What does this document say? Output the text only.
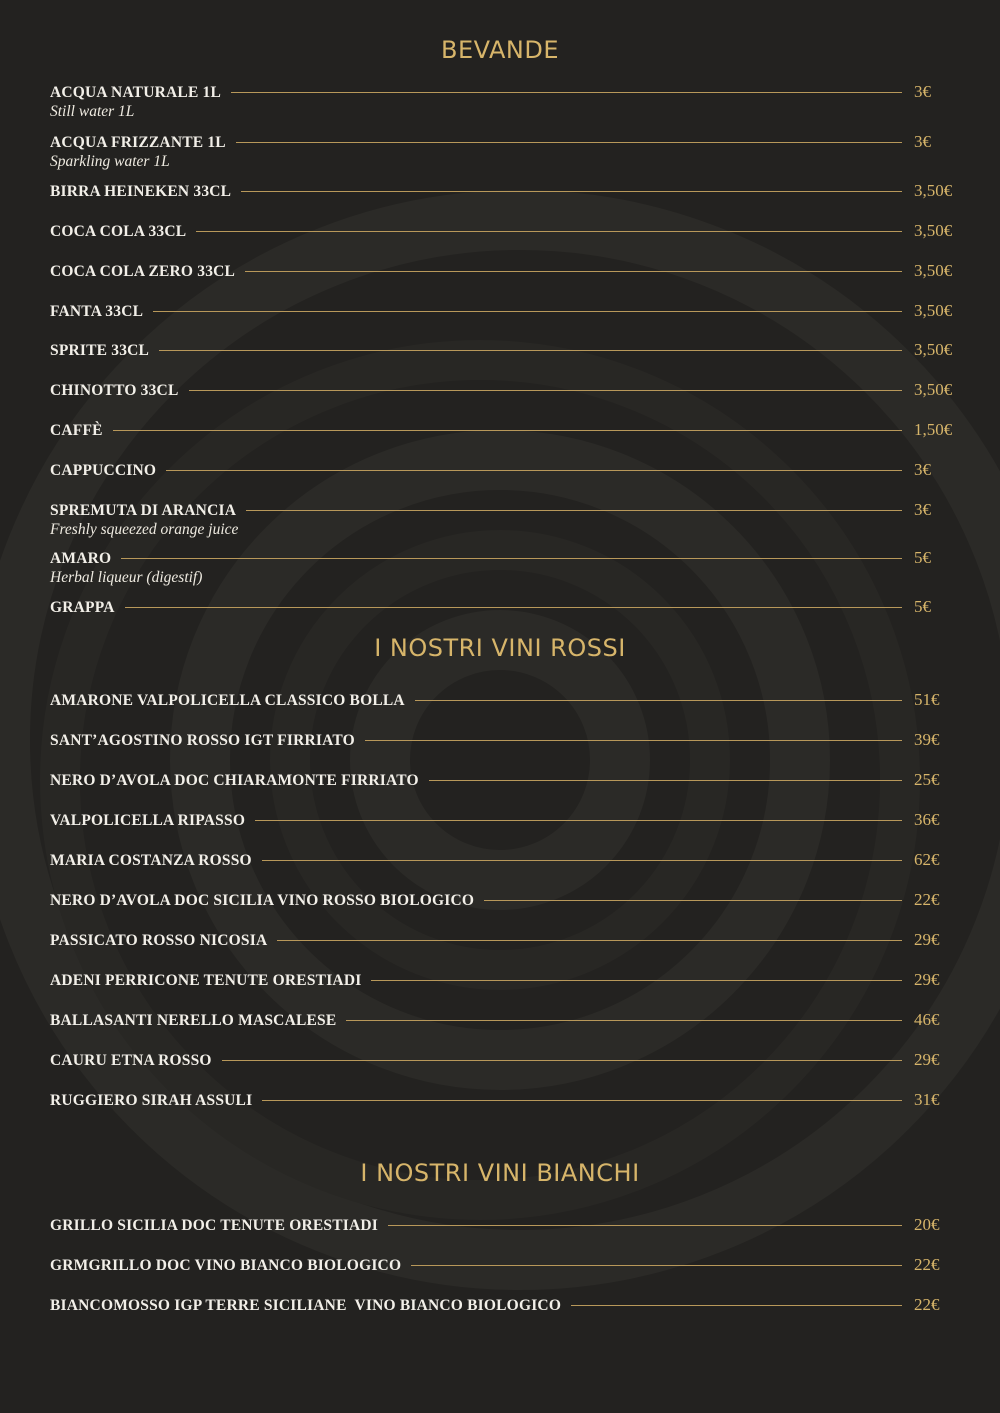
BEVANDE
ACQUA NATURALE 1L	3€
Still water 1L
ACQUA FRIZZANTE 1L	3€
Sparkling water 1L
BIRRA HEINEKEN 33CL	3,50€
COCA COLA 33CL	3,50€
COCA COLA ZERO 33CL	3,50€
FANTA 33CL	3,50€
SPRITE 33CL	3,50€
CHINOTTO 33CL	3,50€
CAFFÈ	1,50€
CAPPUCCINO	3€
SPREMUTA DI ARANCIA	3€
Freshly squeezed orange juice
AMARO	5€
Herbal liqueur (digestif)
GRAPPA	5€
I NOSTRI VINI ROSSI
AMARONE VALPOLICELLA CLASSICO BOLLA	51€
SANT’AGOSTINO ROSSO IGT FIRRIATO	39€
NERO D’AVOLA DOC CHIARAMONTE FIRRIATO	25€
VALPOLICELLA RIPASSO	36€
MARIA COSTANZA ROSSO	62€
NERO D’AVOLA DOC SICILIA VINO ROSSO BIOLOGICO	22€
PASSICATO ROSSO NICOSIA	29€
ADENI PERRICONE TENUTE ORESTIADI	29€
BALLASANTI NERELLO MASCALESE	46€
CAURU ETNA ROSSO	29€
RUGGIERO SIRAH ASSULI	31€
I NOSTRI VINI BIANCHI
GRILLO SICILIA DOC TENUTE ORESTIADI	20€
GRMGRILLO DOC VINO BIANCO BIOLOGICO	22€
BIANCOMOSSO IGP TERRE SICILIANE  VINO BIANCO BIOLOGICO	22€
